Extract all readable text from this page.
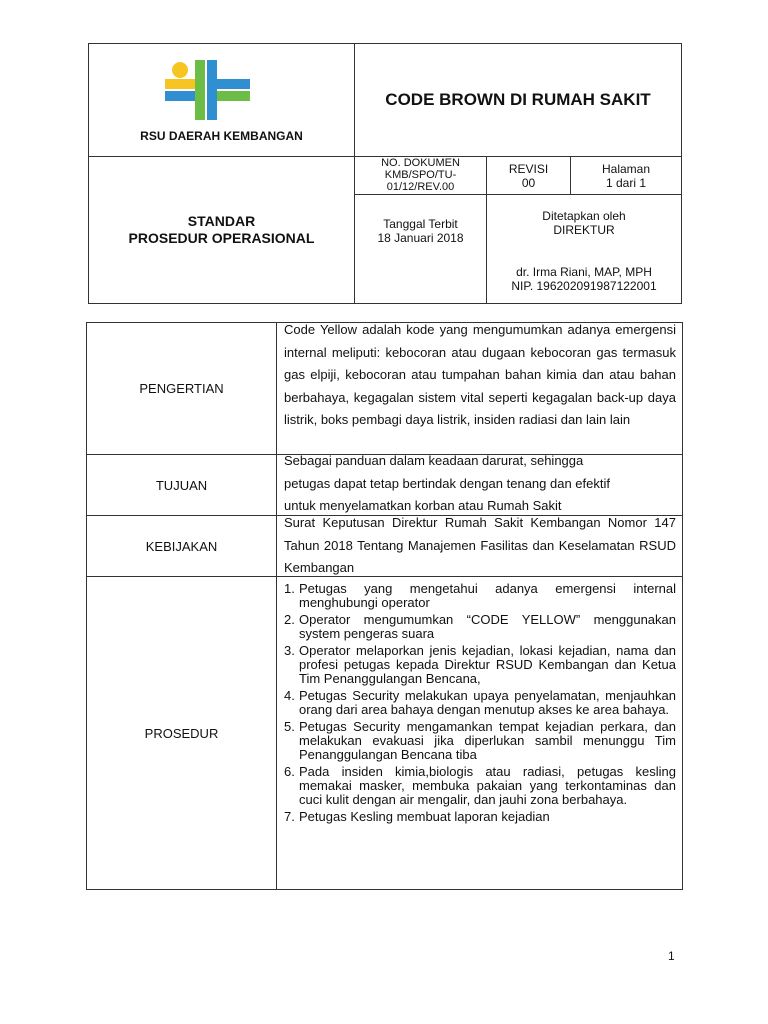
RSU DAERAH KEMBANGAN
CODE BROWN DI RUMAH SAKIT
STANDAR
PROSEDUR OPERASIONAL
NO. DOKUMEN
KMB/SPO/TU-01/12/REV.00
REVISI
00
Halaman
1 dari 1
Tanggal Terbit
18 Januari 2018
Ditetapkan oleh
DIREKTUR
dr. Irma Riani, MAP, MPH
NIP. 196202091987122001
PENGERTIAN
Code Yellow adalah kode yang mengumumkan adanya emergensi internal meliputi: kebocoran atau dugaan kebocoran gas termasuk gas elpiji, kebocoran atau tumpahan bahan kimia dan atau bahan berbahaya, kegagalan sistem vital seperti kegagalan back-up daya listrik, boks pembagi daya listrik, insiden radiasi dan lain lain
TUJUAN
Sebagai panduan dalam keadaan darurat, sehingga
petugas dapat tetap bertindak dengan tenang dan efektif
untuk menyelamatkan korban atau Rumah Sakit
KEBIJAKAN
Surat Keputusan Direktur Rumah Sakit Kembangan Nomor 147 Tahun 2018 Tentang Manajemen Fasilitas dan Keselamatan RSUD Kembangan
PROSEDUR
1. Petugas yang mengetahui adanya emergensi internal menghubungi operator
2. Operator mengumumkan “CODE YELLOW” menggunakan system pengeras suara
3. Operator melaporkan jenis kejadian, lokasi kejadian, nama dan profesi petugas kepada Direktur RSUD Kembangan dan Ketua Tim Penanggulangan Bencana,
4. Petugas Security melakukan upaya penyelamatan, menjauhkan orang dari area bahaya dengan menutup akses ke area bahaya.
5. Petugas Security mengamankan tempat kejadian perkara, dan melakukan evakuasi jika diperlukan sambil menunggu Tim Penanggulangan Bencana tiba
6. Pada insiden kimia,biologis atau radiasi, petugas kesling memakai masker, membuka pakaian yang terkontaminas dan cuci kulit dengan air mengalir, dan jauhi zona berbahaya.
7. Petugas Kesling membuat laporan kejadian
1
